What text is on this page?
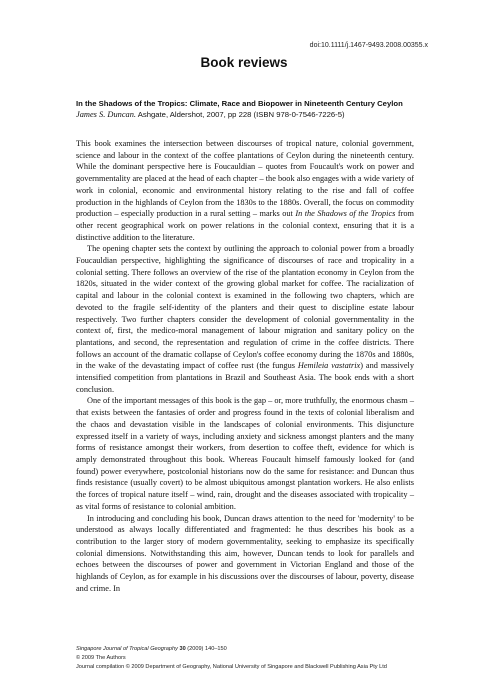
doi:10.1111/j.1467-9493.2008.00355.x
Book reviews
In the Shadows of the Tropics: Climate, Race and Biopower in Nineteenth Century Ceylon   James S. Duncan. Ashgate, Aldershot, 2007, pp 228 (ISBN 978-0-7546-7226-5)

This book examines the intersection between discourses of tropical nature, colonial government, science and labour in the context of the coffee plantations of Ceylon during the nineteenth century. While the dominant perspective here is Foucauldian – quotes from Foucault's work on power and governmentality are placed at the head of each chapter – the book also engages with a wide variety of work in colonial, economic and environmental history relating to the rise and fall of coffee production in the highlands of Ceylon from the 1830s to the 1880s. Overall, the focus on commodity production – especially production in a rural setting – marks out In the Shadows of the Tropics from other recent geographical work on power relations in the colonial context, ensuring that it is a distinctive addition to the literature.

The opening chapter sets the context by outlining the approach to colonial power from a broadly Foucauldian perspective, highlighting the significance of discourses of race and tropicality in a colonial setting. There follows an overview of the rise of the plantation economy in Ceylon from the 1820s, situated in the wider context of the growing global market for coffee. The racialization of capital and labour in the colonial context is examined in the following two chapters, which are devoted to the fragile self-identity of the planters and their quest to discipline estate labour respectively. Two further chapters consider the development of colonial governmentality in the context of, first, the medico-moral management of labour migration and sanitary policy on the plantations, and second, the representation and regulation of crime in the coffee districts. There follows an account of the dramatic collapse of Ceylon's coffee economy during the 1870s and 1880s, in the wake of the devastating impact of coffee rust (the fungus Hemileia vastatrix) and massively intensified competition from plantations in Brazil and Southeast Asia. The book ends with a short conclusion.

One of the important messages of this book is the gap – or, more truthfully, the enormous chasm – that exists between the fantasies of order and progress found in the texts of colonial liberalism and the chaos and devastation visible in the landscapes of colonial environments. This disjuncture expressed itself in a variety of ways, including anxiety and sickness amongst planters and the many forms of resistance amongst their workers, from desertion to coffee theft, evidence for which is amply demonstrated throughout this book. Whereas Foucault himself famously looked for (and found) power everywhere, postcolonial historians now do the same for resistance: and Duncan thus finds resistance (usually covert) to be almost ubiquitous amongst plantation workers. He also enlists the forces of tropical nature itself – wind, rain, drought and the diseases associated with tropicality – as vital forms of resistance to colonial ambition.

In introducing and concluding his book, Duncan draws attention to the need for 'modernity' to be understood as always locally differentiated and fragmented: he thus describes his book as a contribution to the larger story of modern governmentality, seeking to emphasize its specifically colonial dimensions. Notwithstanding this aim, however, Duncan tends to look for parallels and echoes between the discourses of power and government in Victorian England and those of the highlands of Ceylon, as for example in his discussions over the discourses of labour, poverty, disease and crime. In

Singapore Journal of Tropical Geography 30 (2009) 140–150
© 2009 The Authors
Journal compilation © 2009 Department of Geography, National University of Singapore and Blackwell Publishing Asia Pty Ltd
